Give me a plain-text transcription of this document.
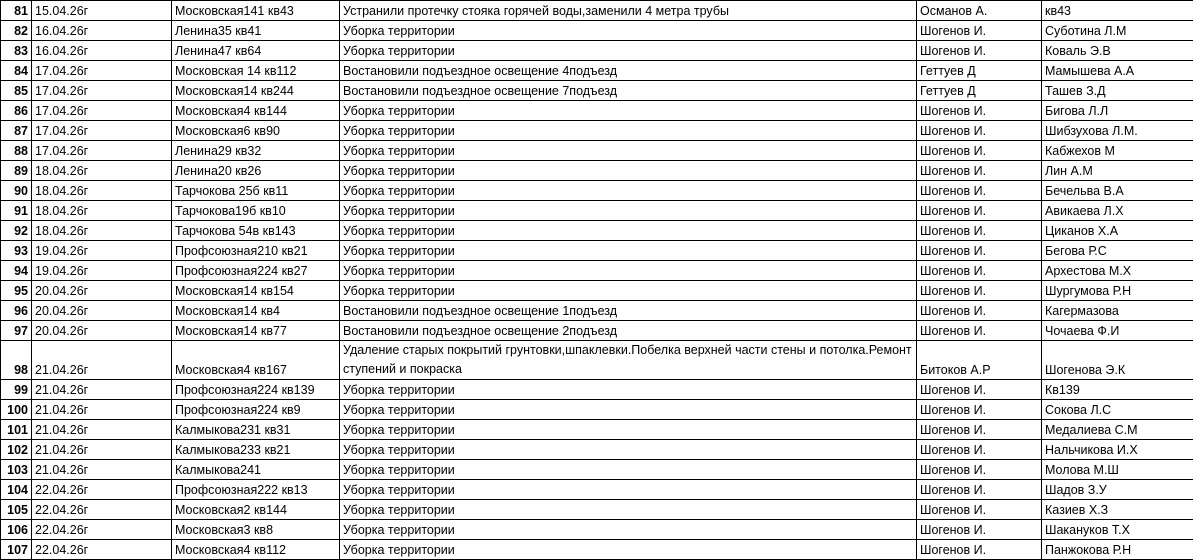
81	15.04.26г	Московская141 кв43	Устранили протечку стояка горячей воды,заменили 4 метра трубы	Османов А.	кв43
82	16.04.26г	Ленина35 кв41	Уборка территории	Шогенов И.	Суботина Л.М
83	16.04.26г	Ленина47 кв64	Уборка территории	Шогенов И.	Коваль Э.В
84	17.04.26г	Московская 14 кв112	Востановили подъездное освещение 4подъезд	Геттуев Д	Мамышева А.А
85	17.04.26г	Московская14 кв244	Востановили подъездное освещение 7подъезд	Геттуев Д	Ташев З.Д
86	17.04.26г	Московская4 кв144	Уборка территории	Шогенов И.	Бигова Л.Л
87	17.04.26г	Московская6 кв90	Уборка территории	Шогенов И.	Шибзухова Л.М.
88	17.04.26г	Ленина29 кв32	Уборка территории	Шогенов И.	Кабжехов М
89	18.04.26г	Ленина20 кв26	Уборка территории	Шогенов И.	Лин А.М
90	18.04.26г	Тарчокова 25б кв11	Уборка территории	Шогенов И.	Бечельва В.А
91	18.04.26г	Тарчокова19б кв10	Уборка территории	Шогенов И.	Авикаева Л.Х
92	18.04.26г	Тарчокова 54в кв143	Уборка территории	Шогенов И.	Циканов Х.А
93	19.04.26г	Профсоюзная210 кв21	Уборка территории	Шогенов И.	Бегова Р.С
94	19.04.26г	Профсоюзная224 кв27	Уборка территории	Шогенов И.	Архестова М.Х
95	20.04.26г	Московская14 кв154	Уборка территории	Шогенов И.	Шургумова Р.Н
96	20.04.26г	Московская14 кв4	Востановили подъездное освещение 1подъезд	Шогенов И.	Кагермазова
97	20.04.26г	Московская14 кв77	Востановили подъездное освещение 2подъезд	Шогенов И.	Чочаева Ф.И
98	21.04.26г	Московская4 кв167	Удаление старых покрытий грунтовки,шпаклевки.Побелка верхней части стены и потолка.Ремонт ступений и покраска	Битоков А.Р	Шогенова Э.К
99	21.04.26г	Профсоюзная224 кв139	Уборка территории	Шогенов И.	Кв139
100	21.04.26г	Профсоюзная224 кв9	Уборка территории	Шогенов И.	Сокова Л.С
101	21.04.26г	Калмыкова231 кв31	Уборка территории	Шогенов И.	Медалиева С.М
102	21.04.26г	Калмыкова233 кв21	Уборка территории	Шогенов И.	Нальчикова И.Х
103	21.04.26г	Калмыкова241	Уборка территории	Шогенов И.	Молова М.Ш
104	22.04.26г	Профсоюзная222 кв13	Уборка территории	Шогенов И.	Шадов З.У
105	22.04.26г	Московская2 кв144	Уборка территории	Шогенов И.	Казиев Х.З
106	22.04.26г	Московская3 кв8	Уборка территории	Шогенов И.	Шакануков Т.Х
107	22.04.26г	Московская4 кв112	Уборка территории	Шогенов И.	Панжокова Р.Н
